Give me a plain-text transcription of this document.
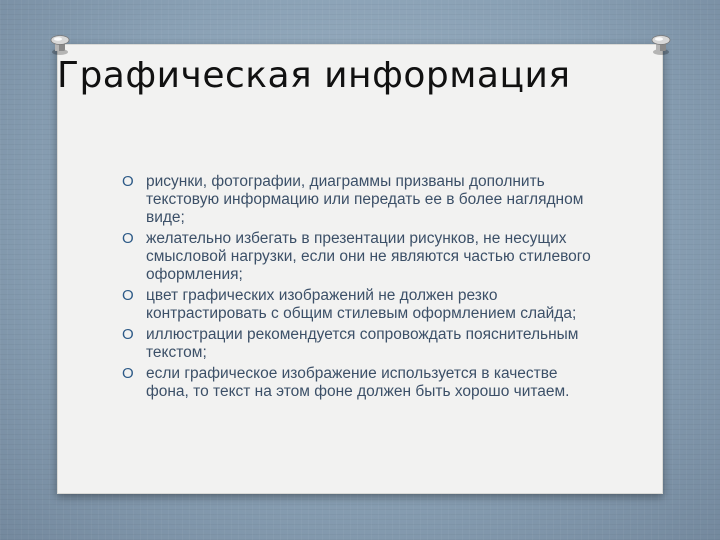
Графическая информация
O рисунки, фотографии, диаграммы призваны дополнить текстовую информацию или передать ее в более наглядном виде;
O желательно избегать в презентации рисунков, не несущих смысловой нагрузки, если они не являются частью стилевого оформления;
O цвет графических изображений не должен резко контрастировать с общим стилевым оформлением слайда;
O иллюстрации рекомендуется сопровождать пояснительным текстом;
O если графическое изображение используется в качестве фона, то текст на этом фоне должен быть хорошо читаем.
